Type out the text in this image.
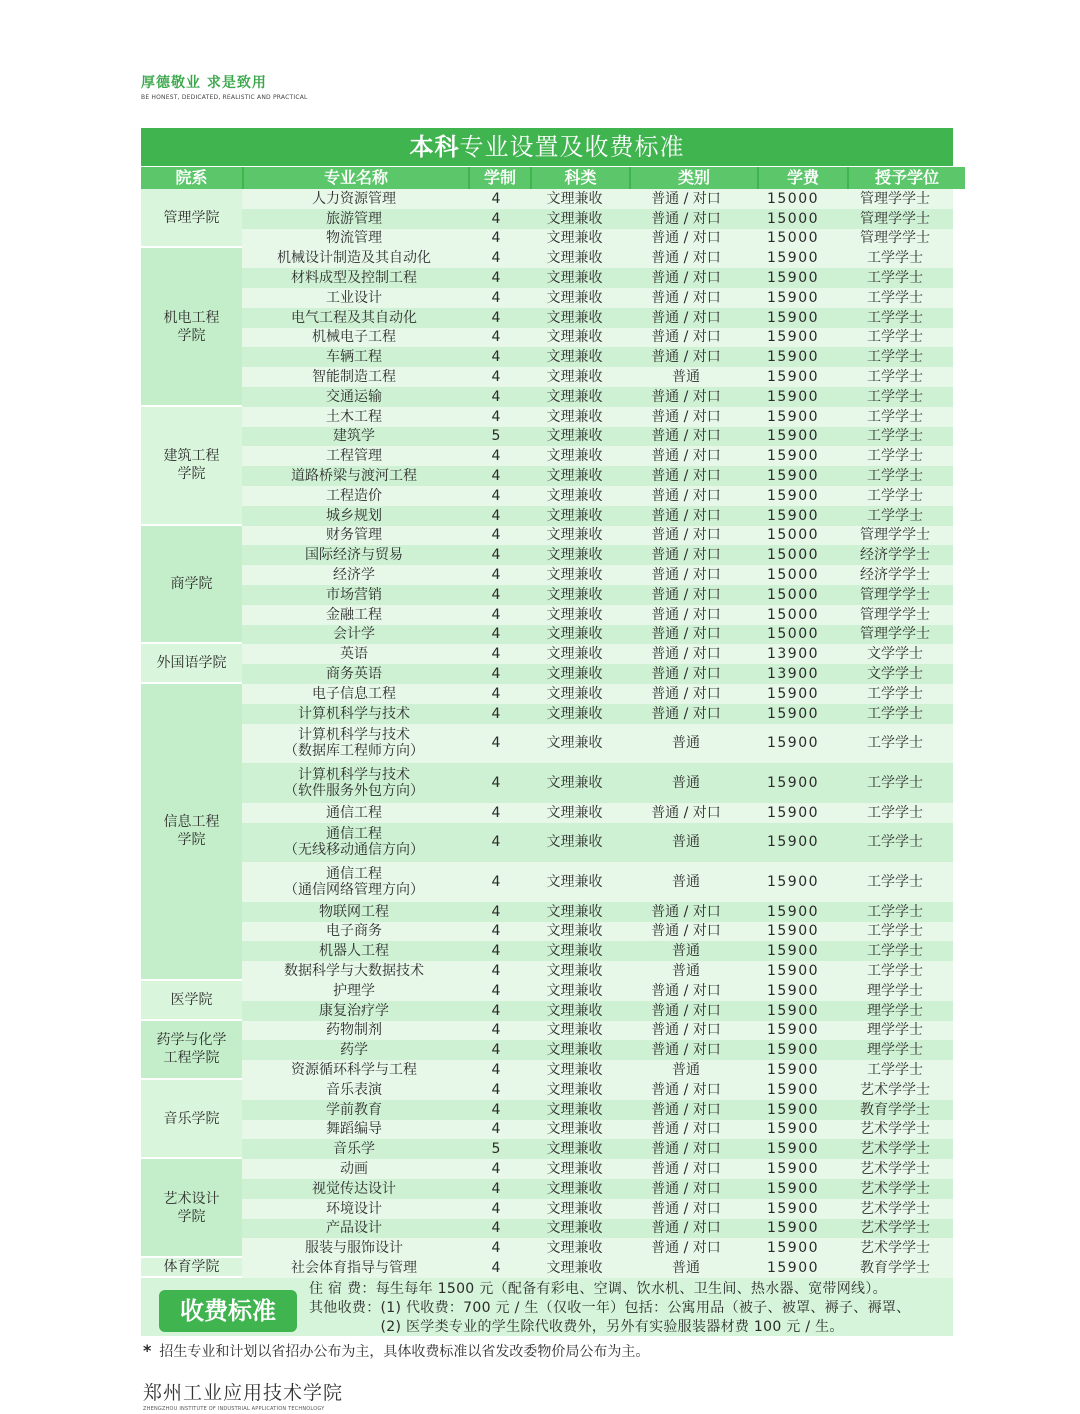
厚德敬业 求是致用
BE HONEST, DEDICATED, REALISTIC AND PRACTICAL
本科专业设置及收费标准
院系	专业名称	学制	科类	类别	学费	授予学位
管理学院
人力资源管理	4	文理兼收	普通 / 对口	15000	管理学学士
旅游管理	4	文理兼收	普通 / 对口	15000	管理学学士
物流管理	4	文理兼收	普通 / 对口	15000	管理学学士
机电工程
学院
机械设计制造及其自动化	4	文理兼收	普通 / 对口	15900	工学学士
材料成型及控制工程	4	文理兼收	普通 / 对口	15900	工学学士
工业设计	4	文理兼收	普通 / 对口	15900	工学学士
电气工程及其自动化	4	文理兼收	普通 / 对口	15900	工学学士
机械电子工程	4	文理兼收	普通 / 对口	15900	工学学士
车辆工程	4	文理兼收	普通 / 对口	15900	工学学士
智能制造工程	4	文理兼收	普通	15900	工学学士
交通运输	4	文理兼收	普通 / 对口	15900	工学学士
建筑工程
学院
土木工程	4	文理兼收	普通 / 对口	15900	工学学士
建筑学	5	文理兼收	普通 / 对口	15900	工学学士
工程管理	4	文理兼收	普通 / 对口	15900	工学学士
道路桥梁与渡河工程	4	文理兼收	普通 / 对口	15900	工学学士
工程造价	4	文理兼收	普通 / 对口	15900	工学学士
城乡规划	4	文理兼收	普通 / 对口	15900	工学学士
商学院
财务管理	4	文理兼收	普通 / 对口	15000	管理学学士
国际经济与贸易	4	文理兼收	普通 / 对口	15000	经济学学士
经济学	4	文理兼收	普通 / 对口	15000	经济学学士
市场营销	4	文理兼收	普通 / 对口	15000	管理学学士
金融工程	4	文理兼收	普通 / 对口	15000	管理学学士
会计学	4	文理兼收	普通 / 对口	15000	管理学学士
外国语学院
英语	4	文理兼收	普通 / 对口	13900	文学学士
商务英语	4	文理兼收	普通 / 对口	13900	文学学士
信息工程
学院
电子信息工程	4	文理兼收	普通 / 对口	15900	工学学士
计算机科学与技术	4	文理兼收	普通 / 对口	15900	工学学士
计算机科学与技术
（数据库工程师方向）	4	文理兼收	普通	15900	工学学士
计算机科学与技术
（软件服务外包方向）	4	文理兼收	普通	15900	工学学士
通信工程	4	文理兼收	普通 / 对口	15900	工学学士
通信工程
（无线移动通信方向）	4	文理兼收	普通	15900	工学学士
通信工程
（通信网络管理方向）	4	文理兼收	普通	15900	工学学士
物联网工程	4	文理兼收	普通 / 对口	15900	工学学士
电子商务	4	文理兼收	普通 / 对口	15900	工学学士
机器人工程	4	文理兼收	普通	15900	工学学士
数据科学与大数据技术	4	文理兼收	普通	15900	工学学士
医学院
护理学	4	文理兼收	普通 / 对口	15900	理学学士
康复治疗学	4	文理兼收	普通 / 对口	15900	理学学士
药学与化学
工程学院
药物制剂	4	文理兼收	普通 / 对口	15900	理学学士
药学	4	文理兼收	普通 / 对口	15900	理学学士
资源循环科学与工程	4	文理兼收	普通	15900	工学学士
音乐学院
音乐表演	4	文理兼收	普通 / 对口	15900	艺术学学士
学前教育	4	文理兼收	普通 / 对口	15900	教育学学士
舞蹈编导	4	文理兼收	普通 / 对口	15900	艺术学学士
音乐学	5	文理兼收	普通 / 对口	15900	艺术学学士
艺术设计
学院
动画	4	文理兼收	普通 / 对口	15900	艺术学学士
视觉传达设计	4	文理兼收	普通 / 对口	15900	艺术学学士
环境设计	4	文理兼收	普通 / 对口	15900	艺术学学士
产品设计	4	文理兼收	普通 / 对口	15900	艺术学学士
服装与服饰设计	4	文理兼收	普通 / 对口	15900	艺术学学士
体育学院	社会体育指导与管理	4	文理兼收	普通	15900	教育学学士
收费标准
住 宿 费：每生每年 1500 元（配备有彩电、空调、饮水机、卫生间、热水器、宽带网线）。
其他收费：(1) 代收费：700 元 / 生（仅收一年）包括：公寓用品（被子、被罩、褥子、褥罩、
　　　　　(2) 医学类专业的学生除代收费外，另外有实验服装器材费 100 元 / 生。
* 招生专业和计划以省招办公布为主，具体收费标准以省发改委物价局公布为主。
郑州工业应用技术学院
ZHENGZHOU INSTITUTE OF INDUSTRIAL APPLICATION TECHNOLOGY
